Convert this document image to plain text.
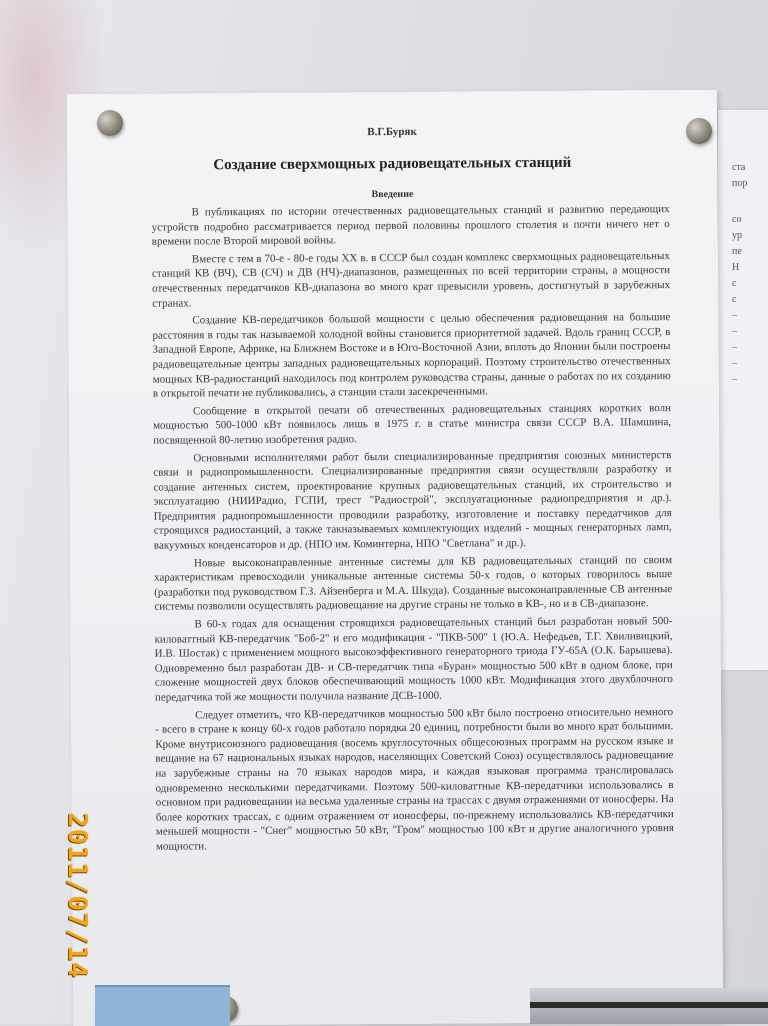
ста
пор
со
ур
пе
Н
с
с
–
–
–
–
–
В.Г.Буряк
Создание сверхмощных радиовещательных станций
Введение

В публикациях по истории отечественных радиовещательных станций и развитию передающих устройств подробно рассматривается период первой половины прошлого столетия и почти ничего нет о времени после Второй мировой войны.

Вместе с тем в 70-е - 80-е годы XX в. в СССР был создан комплекс сверхмощных радиовещательных станций КВ (ВЧ), СВ (СЧ) и ДВ (НЧ)-диапазонов, размещенных по всей территории страны, а мощности отечественных передатчиков КВ-диапазона во много крат превысили уровень, достигнутый в зарубежных странах.

Создание КВ-передатчиков большой мощности с целью обеспечения радиовещания на большие расстояния в годы так называемой холодной войны становится приоритетной задачей. Вдоль границ СССР, в Западной Европе, Африке, на Ближнем Востоке и в Юго-Восточной Азии, вплоть до Японии были построены радиовещательные центры западных радиовещательных корпораций. Поэтому строительство отечественных мощных КВ-радиостанций находилось под контролем руководства страны, данные о работах по их созданию в открытой печати не публиковались, а станции стали засекреченными.

Сообщение в открытой печати об отечественных радиовещательных станциях коротких волн мощностью 500-1000 кВт появилось лишь в 1975 г. в статье министра связи СССР В.А. Шамшина, посвященной 80-летию изобретения радио.

Основными исполнителями работ были специализированные предприятия союзных министерств связи и радиопромышленности. Специализированные предприятия связи осуществляли разработку и создание антенных систем, проектирование крупных радиовещательных станций, их строительство и эксплуатацию (НИИРадио, ГСПИ, трест "Радиострой", эксплуатационные радиопредприятия и др.). Предприятия радиопромышленности проводили разработку, изготовление и поставку передатчиков для строящихся радиостанций, а также такназываемых комплектующих изделий - мощных генераторных ламп, вакуумных конденсаторов и др. (НПО им. Коминтерна, НПО "Светлана" и др.).

Новые высоконаправленные антенные системы для КВ радиовещательных станций по своим характеристикам превосходили уникальные антенные системы 50-х годов, о которых говорилось выше (разработки под руководством Г.З. Айзенберга и М.А. Шкуда). Созданные высоконаправленные СВ антенные системы позволили осуществлять радиовещание на другие страны не только в КВ-, но и в СВ-диапазоне.

В 60-х годах для оснащения строящихся радиовещательных станций был разработан новый 500-киловаттный КВ-передатчик "Боб-2" и его модификация - "ПКВ-500" 1 (Ю.А. Нефедьев, Т.Г. Хвиливицкий, И.В. Шостак) с применением мощного высокоэффективного генераторного триода ГУ-65А (О.К. Барышева). Одновременно был разработан ДВ- и СВ-передатчик типа «Буран» мощностью 500 кВт в одном блоке, при сложение мощностей двух блоков обеспечивающий мощность 1000 кВт. Модификация этого двухблочного передатчика той же мощности получила название ДСВ-1000.

Следует отметить, что КВ-передатчиков мощностью 500 кВт было построено относительно немного - всего в стране к концу 60-х годов работало порядка 20 единиц, потребности были во много крат большими. Кроме внутрисоюзного радиовещания (восемь круглосуточных общесоюзных программ на русском языке и вещание на 67 национальных языках народов, населяющих Советский Союз) осуществлялось радиовещание на зарубежные страны на 70 языках народов мира, и каждая языковая программа транслировалась одновременно несколькими передатчиками. Поэтому 500-киловаттные КВ-передатчики использовались в основном при радиовещании на весьма удаленные страны на трассах с двумя отражениями от ионосферы. На более коротких трассах, с одним отражением от ионосферы, по-прежнему использовались КВ-передатчики меньшей мощности - "Снег" мощностью 50 кВт, "Гром" мощностью 100 кВт и другие аналогичного уровня мощности.

2011/07/14
